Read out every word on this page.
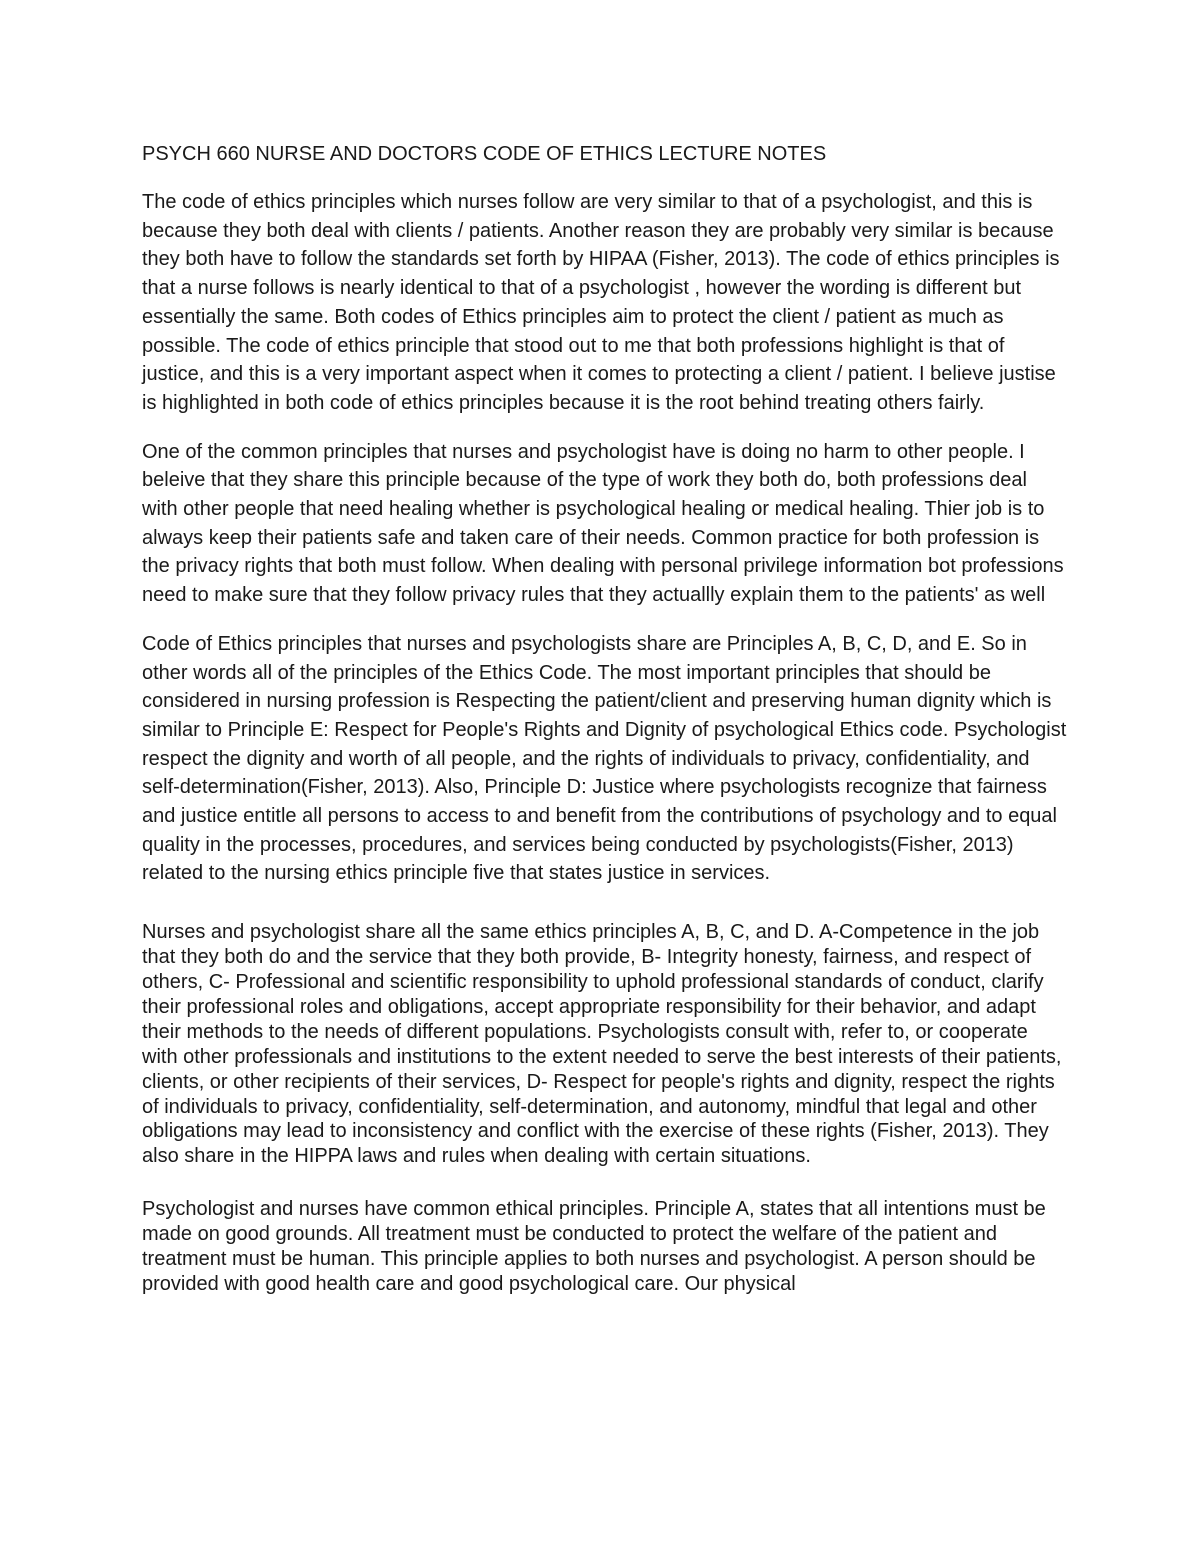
PSYCH 660 NURSE AND DOCTORS CODE OF ETHICS LECTURE NOTES

The code of ethics principles which nurses follow are very similar to that of a psychologist, and this is because they both deal with clients / patients. Another reason they are probably very similar is because they both have to follow the standards set forth by HIPAA (Fisher, 2013). The code of ethics principles is that a nurse follows is nearly identical to that of a psychologist , however the wording is different but essentially the same. Both codes of Ethics principles aim to protect the client / patient as much as possible. The code of ethics principle that stood out to me that both professions highlight is that of justice, and this is a very important aspect when it comes to protecting a client / patient. I believe justise is highlighted in both code of ethics principles because it is the root behind treating others fairly.

One of the common principles that nurses and psychologist have is doing no harm to other people. I beleive that they share this principle because of the type of work they both do, both professions deal with other people that need healing whether is psychological healing or medical healing. Thier job is to always keep their patients safe and taken care of their needs. Common practice for both profession is the privacy rights that both must follow. When dealing with personal privilege information bot professions need to make sure that they follow privacy rules that they actuallly explain them to the patients' as well

Code of Ethics principles that nurses and psychologists share are Principles A, B, C, D, and E. So in other words all of the principles of the Ethics Code. The most important principles that should be considered in nursing profession is Respecting the patient/client and preserving human dignity which is similar to Principle E: Respect for People's Rights and Dignity of psychological Ethics code. Psychologist respect the dignity and worth of all people, and the rights of individuals to privacy, confidentiality, and self-determination(Fisher, 2013). Also, Principle D: Justice where psychologists recognize that fairness and justice entitle all persons to access to and benefit from the contributions of psychology and to equal quality in the processes, procedures, and services being conducted by psychologists(Fisher, 2013) related to the nursing ethics principle five that states justice in services.

Nurses and psychologist share all the same ethics principles A, B, C, and D. A-Competence in the job that they both do and the service that they both provide, B- Integrity honesty, fairness, and respect of others, C- Professional and scientific responsibility to uphold professional standards of conduct, clarify their professional roles and obligations, accept appropriate responsibility for their behavior, and adapt their methods to the needs of different populations. Psychologists consult with, refer to, or cooperate with other professionals and institutions to the extent needed to serve the best interests of their patients, clients, or other recipients of their services, D- Respect for people's rights and dignity, respect the rights of individuals to privacy, confidentiality, self-determination, and autonomy, mindful that legal and other obligations may lead to inconsistency and conflict with the exercise of these rights (Fisher, 2013). They also share in the HIPPA laws and rules when dealing with certain situations.

Psychologist and nurses have common ethical principles. Principle A, states that all intentions must be made on good grounds. All treatment must be conducted to protect the welfare of the patient and treatment must be human. This principle applies to both nurses and psychologist. A person should be provided with good health care and good psychological care. Our physical
